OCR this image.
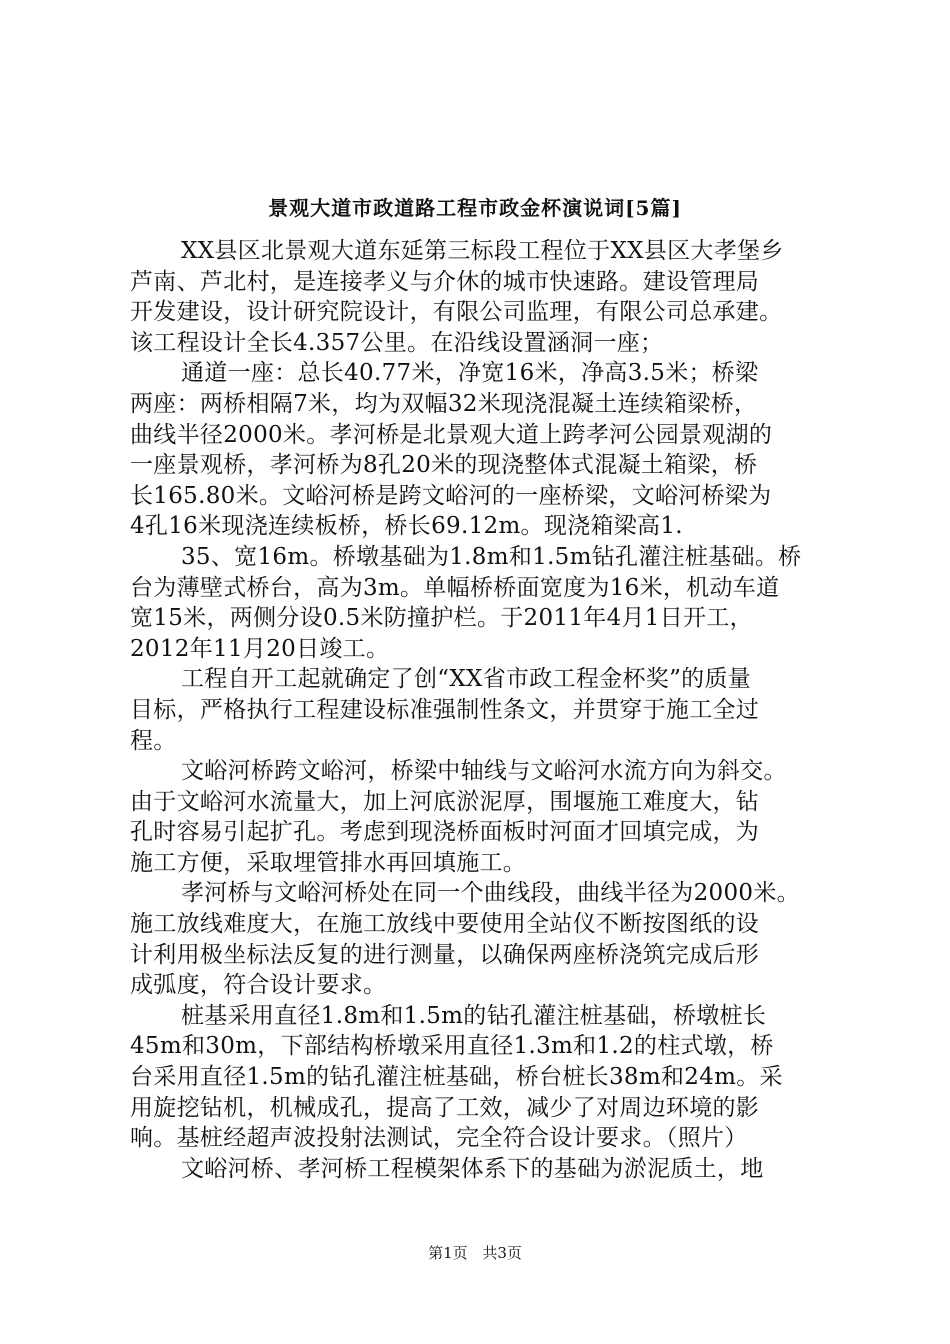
景观大道市政道路工程市政金杯演说词[5篇]
XX县区北景观大道东延第三标段工程位于XX县区大孝堡乡
芦南、芦北村，是连接孝义与介休的城市快速路。建设管理局
开发建设，设计研究院设计，有限公司监理，有限公司总承建。
该工程设计全长4.357公里。在沿线设置涵洞一座；
通道一座：总长40.77米，净宽16米，净高3.5米；桥梁
两座：两桥相隔7米，均为双幅32米现浇混凝土连续箱梁桥，
曲线半径2000米。孝河桥是北景观大道上跨孝河公园景观湖的
一座景观桥，孝河桥为8孔20米的现浇整体式混凝土箱梁，桥
长165.80米。文峪河桥是跨文峪河的一座桥梁，文峪河桥梁为
4孔16米现浇连续板桥，桥长69.12m。现浇箱梁高1.
35、宽16m。桥墩基础为1.8m和1.5m钻孔灌注桩基础。桥
台为薄壁式桥台，高为3m。单幅桥桥面宽度为16米，机动车道
宽15米，两侧分设0.5米防撞护栏。于2011年4月1日开工，
2012年11月20日竣工。
工程自开工起就确定了创“XX省市政工程金杯奖”的质量
目标，严格执行工程建设标准强制性条文，并贯穿于施工全过
程。
文峪河桥跨文峪河，桥梁中轴线与文峪河水流方向为斜交。
由于文峪河水流量大，加上河底淤泥厚，围堰施工难度大，钻
孔时容易引起扩孔。考虑到现浇桥面板时河面才回填完成，为
施工方便，采取埋管排水再回填施工。
孝河桥与文峪河桥处在同一个曲线段，曲线半径为2000米。
施工放线难度大，在施工放线中要使用全站仪不断按图纸的设
计利用极坐标法反复的进行测量，以确保两座桥浇筑完成后形
成弧度，符合设计要求。
桩基采用直径1.8m和1.5m的钻孔灌注桩基础，桥墩桩长
45m和30m，下部结构桥墩采用直径1.3m和1.2的柱式墩，桥
台采用直径1.5m的钻孔灌注桩基础，桥台桩长38m和24m。采
用旋挖钻机，机械成孔，提高了工效，减少了对周边环境的影
响。基桩经超声波投射法测试，完全符合设计要求。（照片）
文峪河桥、孝河桥工程模架体系下的基础为淤泥质土，地
第1页 共3页
